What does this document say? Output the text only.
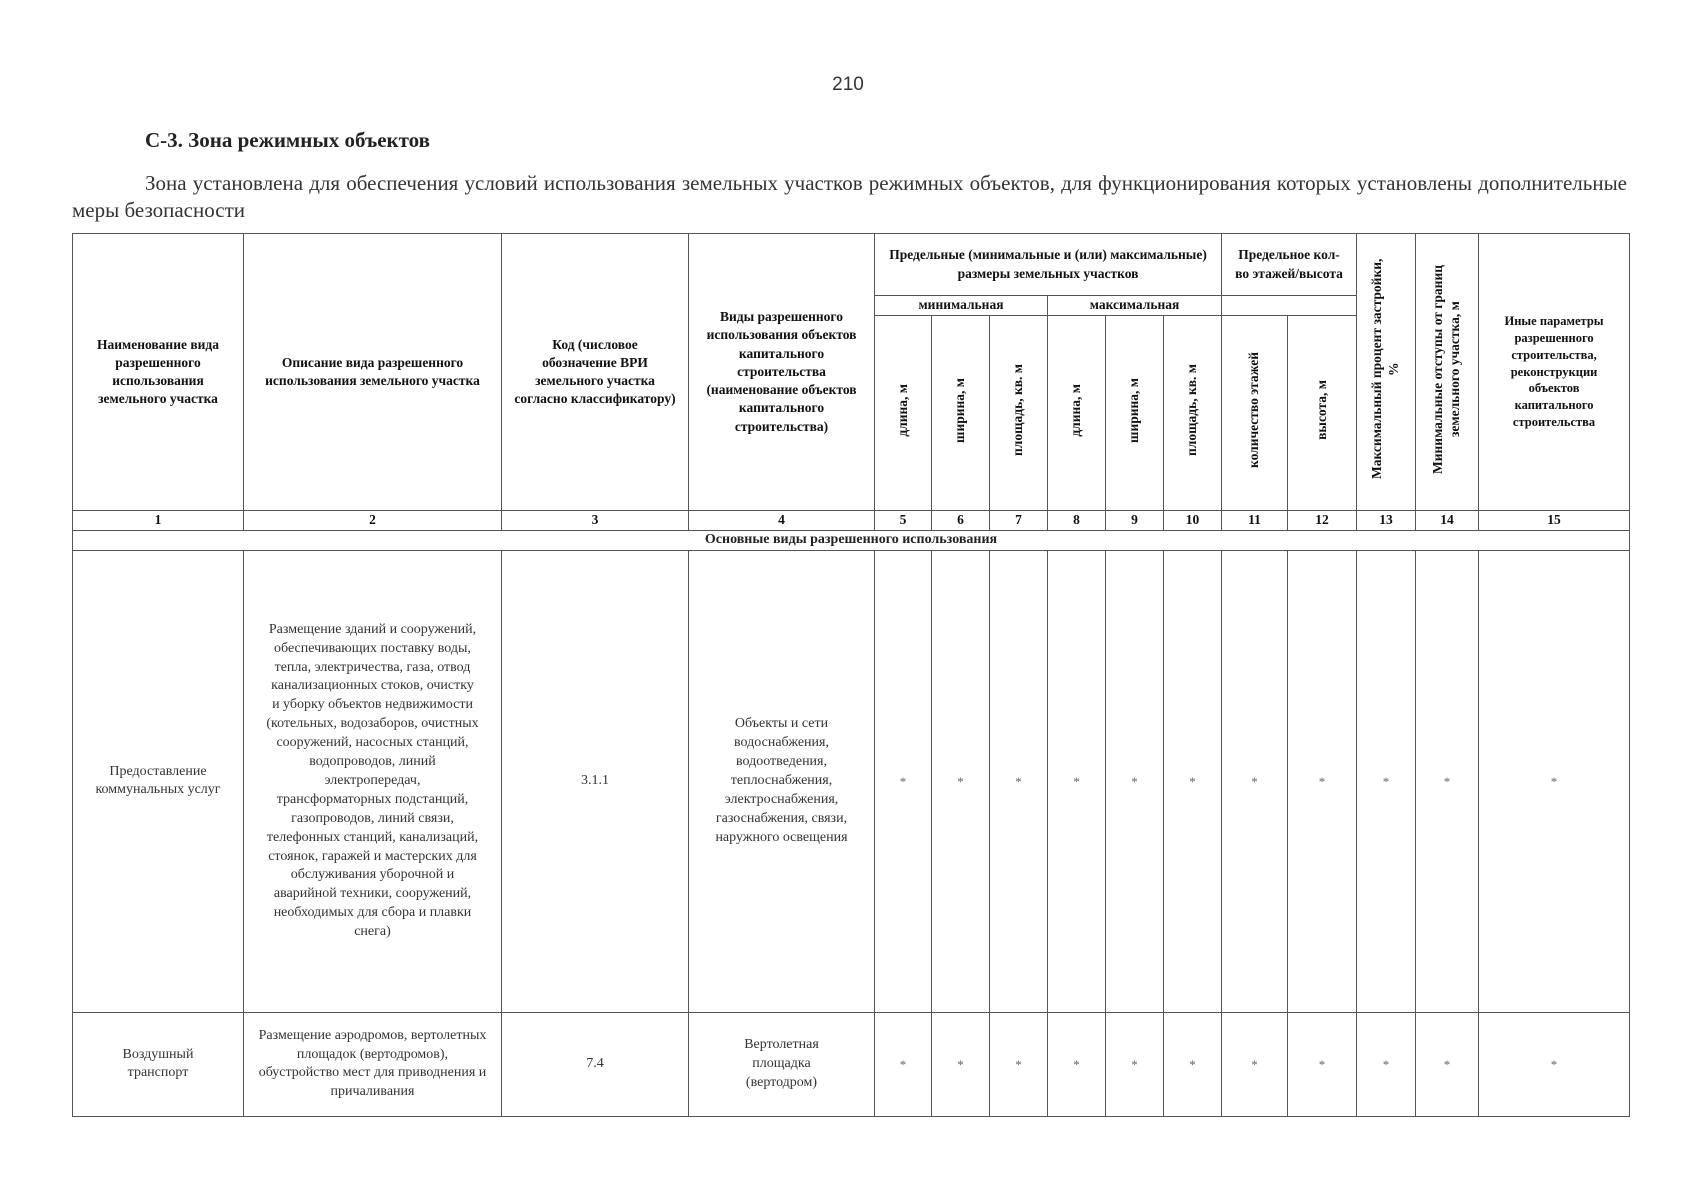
210
С-3. Зона режимных объектов

Зона установлена для обеспечения условий использования земельных участков режимных объектов, для функционирования которых установлены дополнительные меры безопасности

Наименование вида разрешенного использования земельного участка	Описание вида разрешенного использования земельного участка	Код (числовое обозначение ВРИ земельного участка согласно классификатору)	Виды разрешенного использования объектов капитального строительства (наименование объектов капитального строительства)	Предельные (минимальные и (или) максимальные) размеры земельных участков						Предельное кол-во этажей/высота		Максимальный процент застройки, %	Минимальные отступы от границ земельного участка, м	Иные параметры разрешенного строительства, реконструкции объектов капитального строительства
				минимальная			максимальная							
				длина, м	ширина, м	площадь, кв. м	длина, м	ширина, м	площадь, кв. м	количество этажей	высота, м			
1	2	3	4	5	6	7	8	9	10	11	12	13	14	15
Основные виды разрешенного использования														
Предоставление коммунальных услуг	Размещение зданий и сооружений, обеспечивающих поставку воды, тепла, электричества, газа, отвод канализационных стоков, очистку и уборку объектов недвижимости (котельных, водозаборов, очистных сооружений, насосных станций, водопроводов, линий электропередач, трансформаторных подстанций, газопроводов, линий связи, телефонных станций, канализаций, стоянок, гаражей и мастерских для обслуживания уборочной и аварийной техники, сооружений, необходимых для сбора и плавки снега)	3.1.1	Объекты и сети водоснабжения, водоотведения, теплоснабжения, электроснабжения, газоснабжения, связи, наружного освещения	*	*	*	*	*	*	*	*	*	*	*
Воздушный транспорт	Размещение аэродромов, вертолетных площадок (вертодромов), обустройство мест для приводнения и причаливания	7.4	Вертолетная площадка (вертодром)	*	*	*	*	*	*	*	*	*	*	*
